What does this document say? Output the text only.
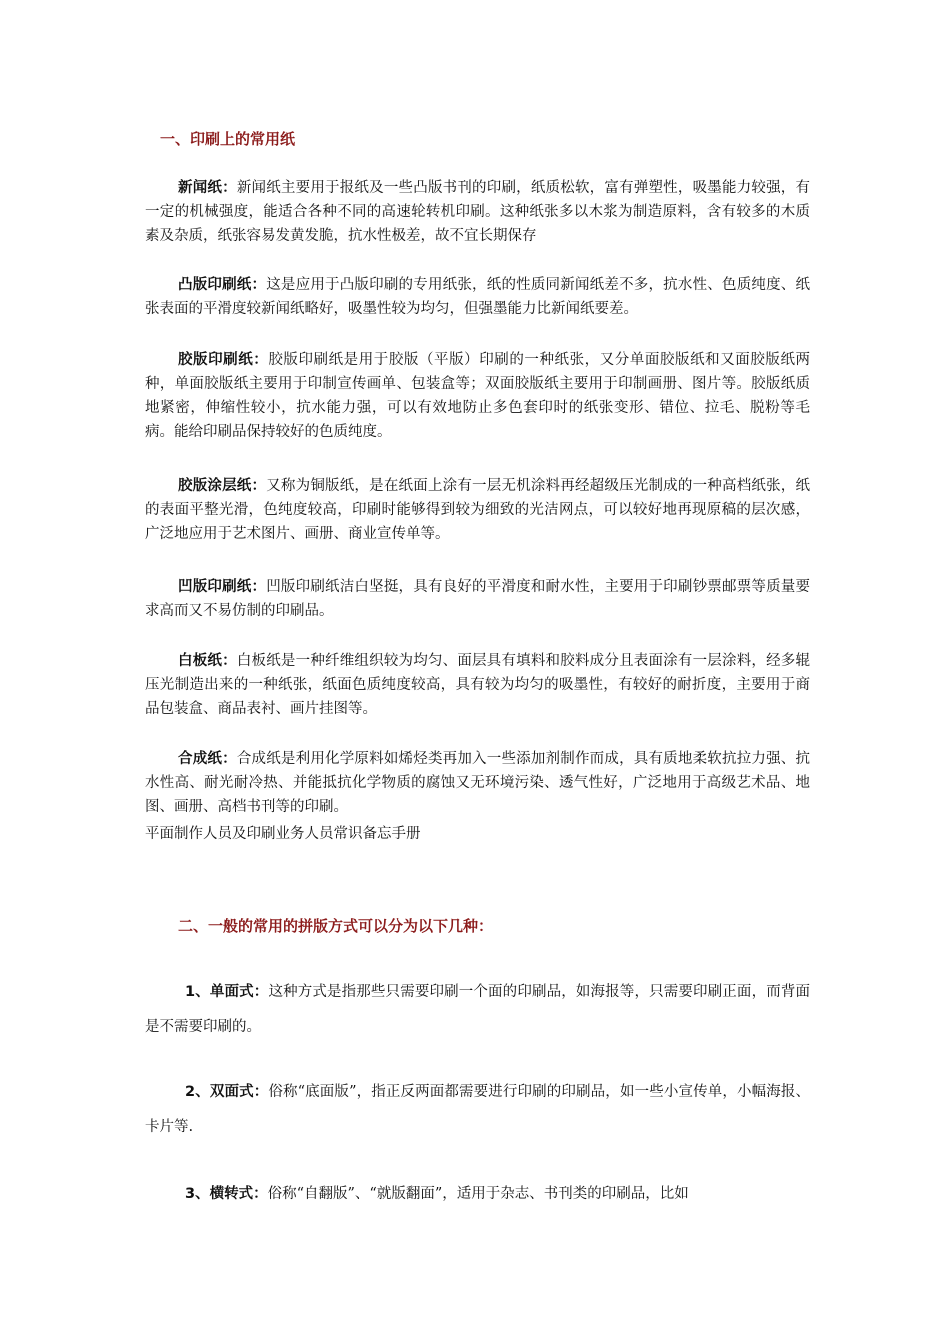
一、印刷上的常用纸

新闻纸：新闻纸主要用于报纸及一些凸版书刊的印刷，纸质松软，富有弹塑性，吸墨能力较强，有一定的机械强度，能适合各种不同的高速轮转机印刷。这种纸张多以木浆为制造原料，含有较多的木质素及杂质，纸张容易发黄发脆，抗水性极差，故不宜长期保存

凸版印刷纸：这是应用于凸版印刷的专用纸张，纸的性质同新闻纸差不多，抗水性、色质纯度、纸张表面的平滑度较新闻纸略好，吸墨性较为均匀，但强墨能力比新闻纸要差。

胶版印刷纸：胶版印刷纸是用于胶版（平版）印刷的一种纸张，又分单面胶版纸和又面胶版纸两种，单面胶版纸主要用于印制宣传画单、包装盒等；双面胶版纸主要用于印制画册、图片等。胶版纸质地紧密，伸缩性较小，抗水能力强，可以有效地防止多色套印时的纸张变形、错位、拉毛、脱粉等毛病。能给印刷品保持较好的色质纯度。

胶版涂层纸：又称为铜版纸，是在纸面上涂有一层无机涂料再经超级压光制成的一种高档纸张，纸的表面平整光滑，色纯度较高，印刷时能够得到较为细致的光洁网点，可以较好地再现原稿的层次感，广泛地应用于艺术图片、画册、商业宣传单等。

凹版印刷纸：凹版印刷纸洁白坚挺，具有良好的平滑度和耐水性，主要用于印刷钞票邮票等质量要求高而又不易仿制的印刷品。

白板纸：白板纸是一种纤维组织较为均匀、面层具有填料和胶料成分且表面涂有一层涂料，经多辊压光制造出来的一种纸张，纸面色质纯度较高，具有较为均匀的吸墨性，有较好的耐折度，主要用于商品包装盒、商品表衬、画片挂图等。

合成纸：合成纸是利用化学原料如烯烃类再加入一些添加剂制作而成，具有质地柔软抗拉力强、抗水性高、耐光耐冷热、并能抵抗化学物质的腐蚀又无环境污染、透气性好，广泛地用于高级艺术品、地图、画册、高档书刊等的印刷。

平面制作人员及印刷业务人员常识备忘手册
二、一般的常用的拼版方式可以分为以下几种：

1、单面式：这种方式是指那些只需要印刷一个面的印刷品，如海报等，只需要印刷正面，而背面是不需要印刷的。

2、双面式：俗称“底面版”，指正反两面都需要进行印刷的印刷品，如一些小宣传单，小幅海报、卡片等.

3、横转式：俗称“自翻版”、“就版翻面”，适用于杂志、书刊类的印刷品，比如
